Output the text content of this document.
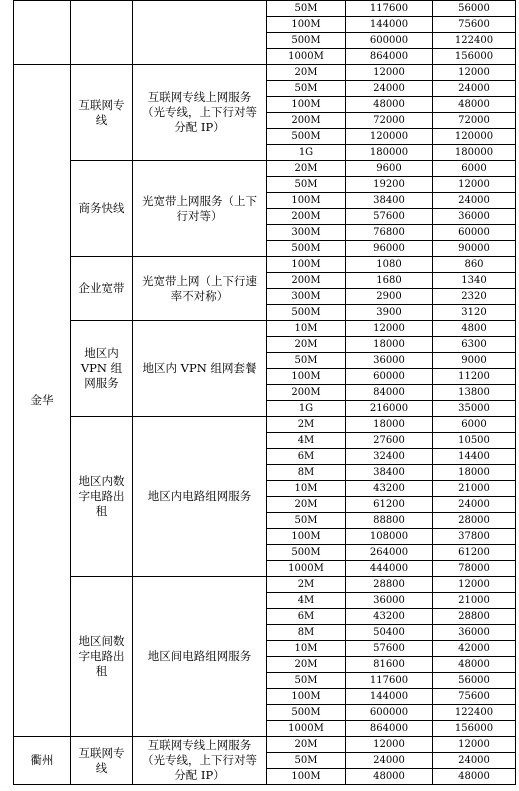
			50M	117600	56000
			100M	144000	75600
			500M	600000	122400
			1000M	864000	156000
金华	互联网专线	互联网专线上网服务（光专线，上下行对等分配 IP）	20M	12000	12000
			50M	24000	24000
			100M	48000	48000
			200M	72000	72000
			500M	120000	120000
			1G	180000	180000
	商务快线	光宽带上网服务（上下行对等）	20M	9600	6000
			50M	19200	12000
			100M	38400	24000
			200M	57600	36000
			300M	76800	60000
			500M	96000	90000
	企业宽带	光宽带上网（上下行速率不对称）	100M	1080	860
			200M	1680	1340
			300M	2900	2320
			500M	3900	3120
	地区内 VPN 组网服务	地区内 VPN 组网套餐	10M	12000	4800
			20M	18000	6300
			50M	36000	9000
			100M	60000	11200
			200M	84000	13800
			1G	216000	35000
	地区内数字电路出租	地区内电路组网服务	2M	18000	6000
			4M	27600	10500
			6M	32400	14400
			8M	38400	18000
			10M	43200	21000
			20M	61200	24000
			50M	88800	28000
			100M	108000	37800
			500M	264000	61200
			1000M	444000	78000
	地区间数字电路出租	地区间电路组网服务	2M	28800	12000
			4M	36000	21000
			6M	43200	28800
			8M	50400	36000
			10M	57600	42000
			20M	81600	48000
			50M	117600	56000
			100M	144000	75600
			500M	600000	122400
			1000M	864000	156000
衢州	互联网专线	互联网专线上网服务（光专线，上下行对等分配 IP）	20M	12000	12000
			50M	24000	24000
			100M	48000	48000
